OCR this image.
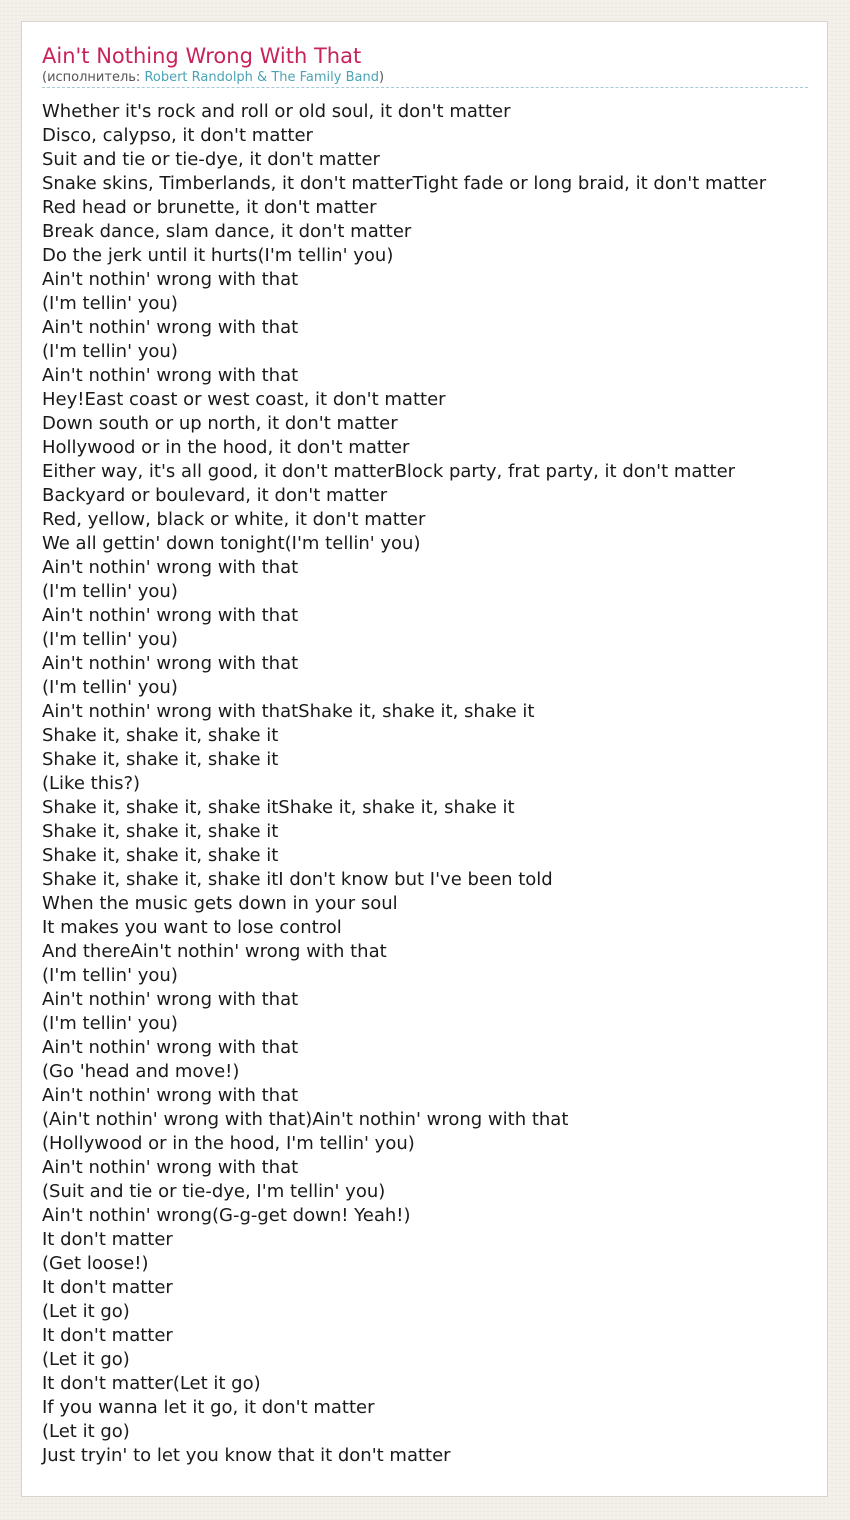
Ain't Nothing Wrong With That
(исполнитель: Robert Randolph & The Family Band)
Whether it's rock and roll or old soul, it don't matter
Disco, calypso, it don't matter
Suit and tie or tie-dye, it don't matter
Snake skins, Timberlands, it don't matterTight fade or long braid, it don't matter
Red head or brunette, it don't matter
Break dance, slam dance, it don't matter
Do the jerk until it hurts(I'm tellin' you)
Ain't nothin' wrong with that
(I'm tellin' you)
Ain't nothin' wrong with that
(I'm tellin' you)
Ain't nothin' wrong with that
Hey!East coast or west coast, it don't matter
Down south or up north, it don't matter
Hollywood or in the hood, it don't matter
Either way, it's all good, it don't matterBlock party, frat party, it don't matter
Backyard or boulevard, it don't matter
Red, yellow, black or white, it don't matter
We all gettin' down tonight(I'm tellin' you)
Ain't nothin' wrong with that
(I'm tellin' you)
Ain't nothin' wrong with that
(I'm tellin' you)
Ain't nothin' wrong with that
(I'm tellin' you)
Ain't nothin' wrong with thatShake it, shake it, shake it
Shake it, shake it, shake it
Shake it, shake it, shake it
(Like this?)
Shake it, shake it, shake itShake it, shake it, shake it
Shake it, shake it, shake it
Shake it, shake it, shake it
Shake it, shake it, shake itI don't know but I've been told
When the music gets down in your soul
It makes you want to lose control
And thereAin't nothin' wrong with that
(I'm tellin' you)
Ain't nothin' wrong with that
(I'm tellin' you)
Ain't nothin' wrong with that
(Go 'head and move!)
Ain't nothin' wrong with that
(Ain't nothin' wrong with that)Ain't nothin' wrong with that
(Hollywood or in the hood, I'm tellin' you)
Ain't nothin' wrong with that
(Suit and tie or tie-dye, I'm tellin' you)
Ain't nothin' wrong(G-g-get down! Yeah!)
It don't matter
(Get loose!)
It don't matter
(Let it go)
It don't matter
(Let it go)
It don't matter(Let it go)
If you wanna let it go, it don't matter
(Let it go)
Just tryin' to let you know that it don't matter
